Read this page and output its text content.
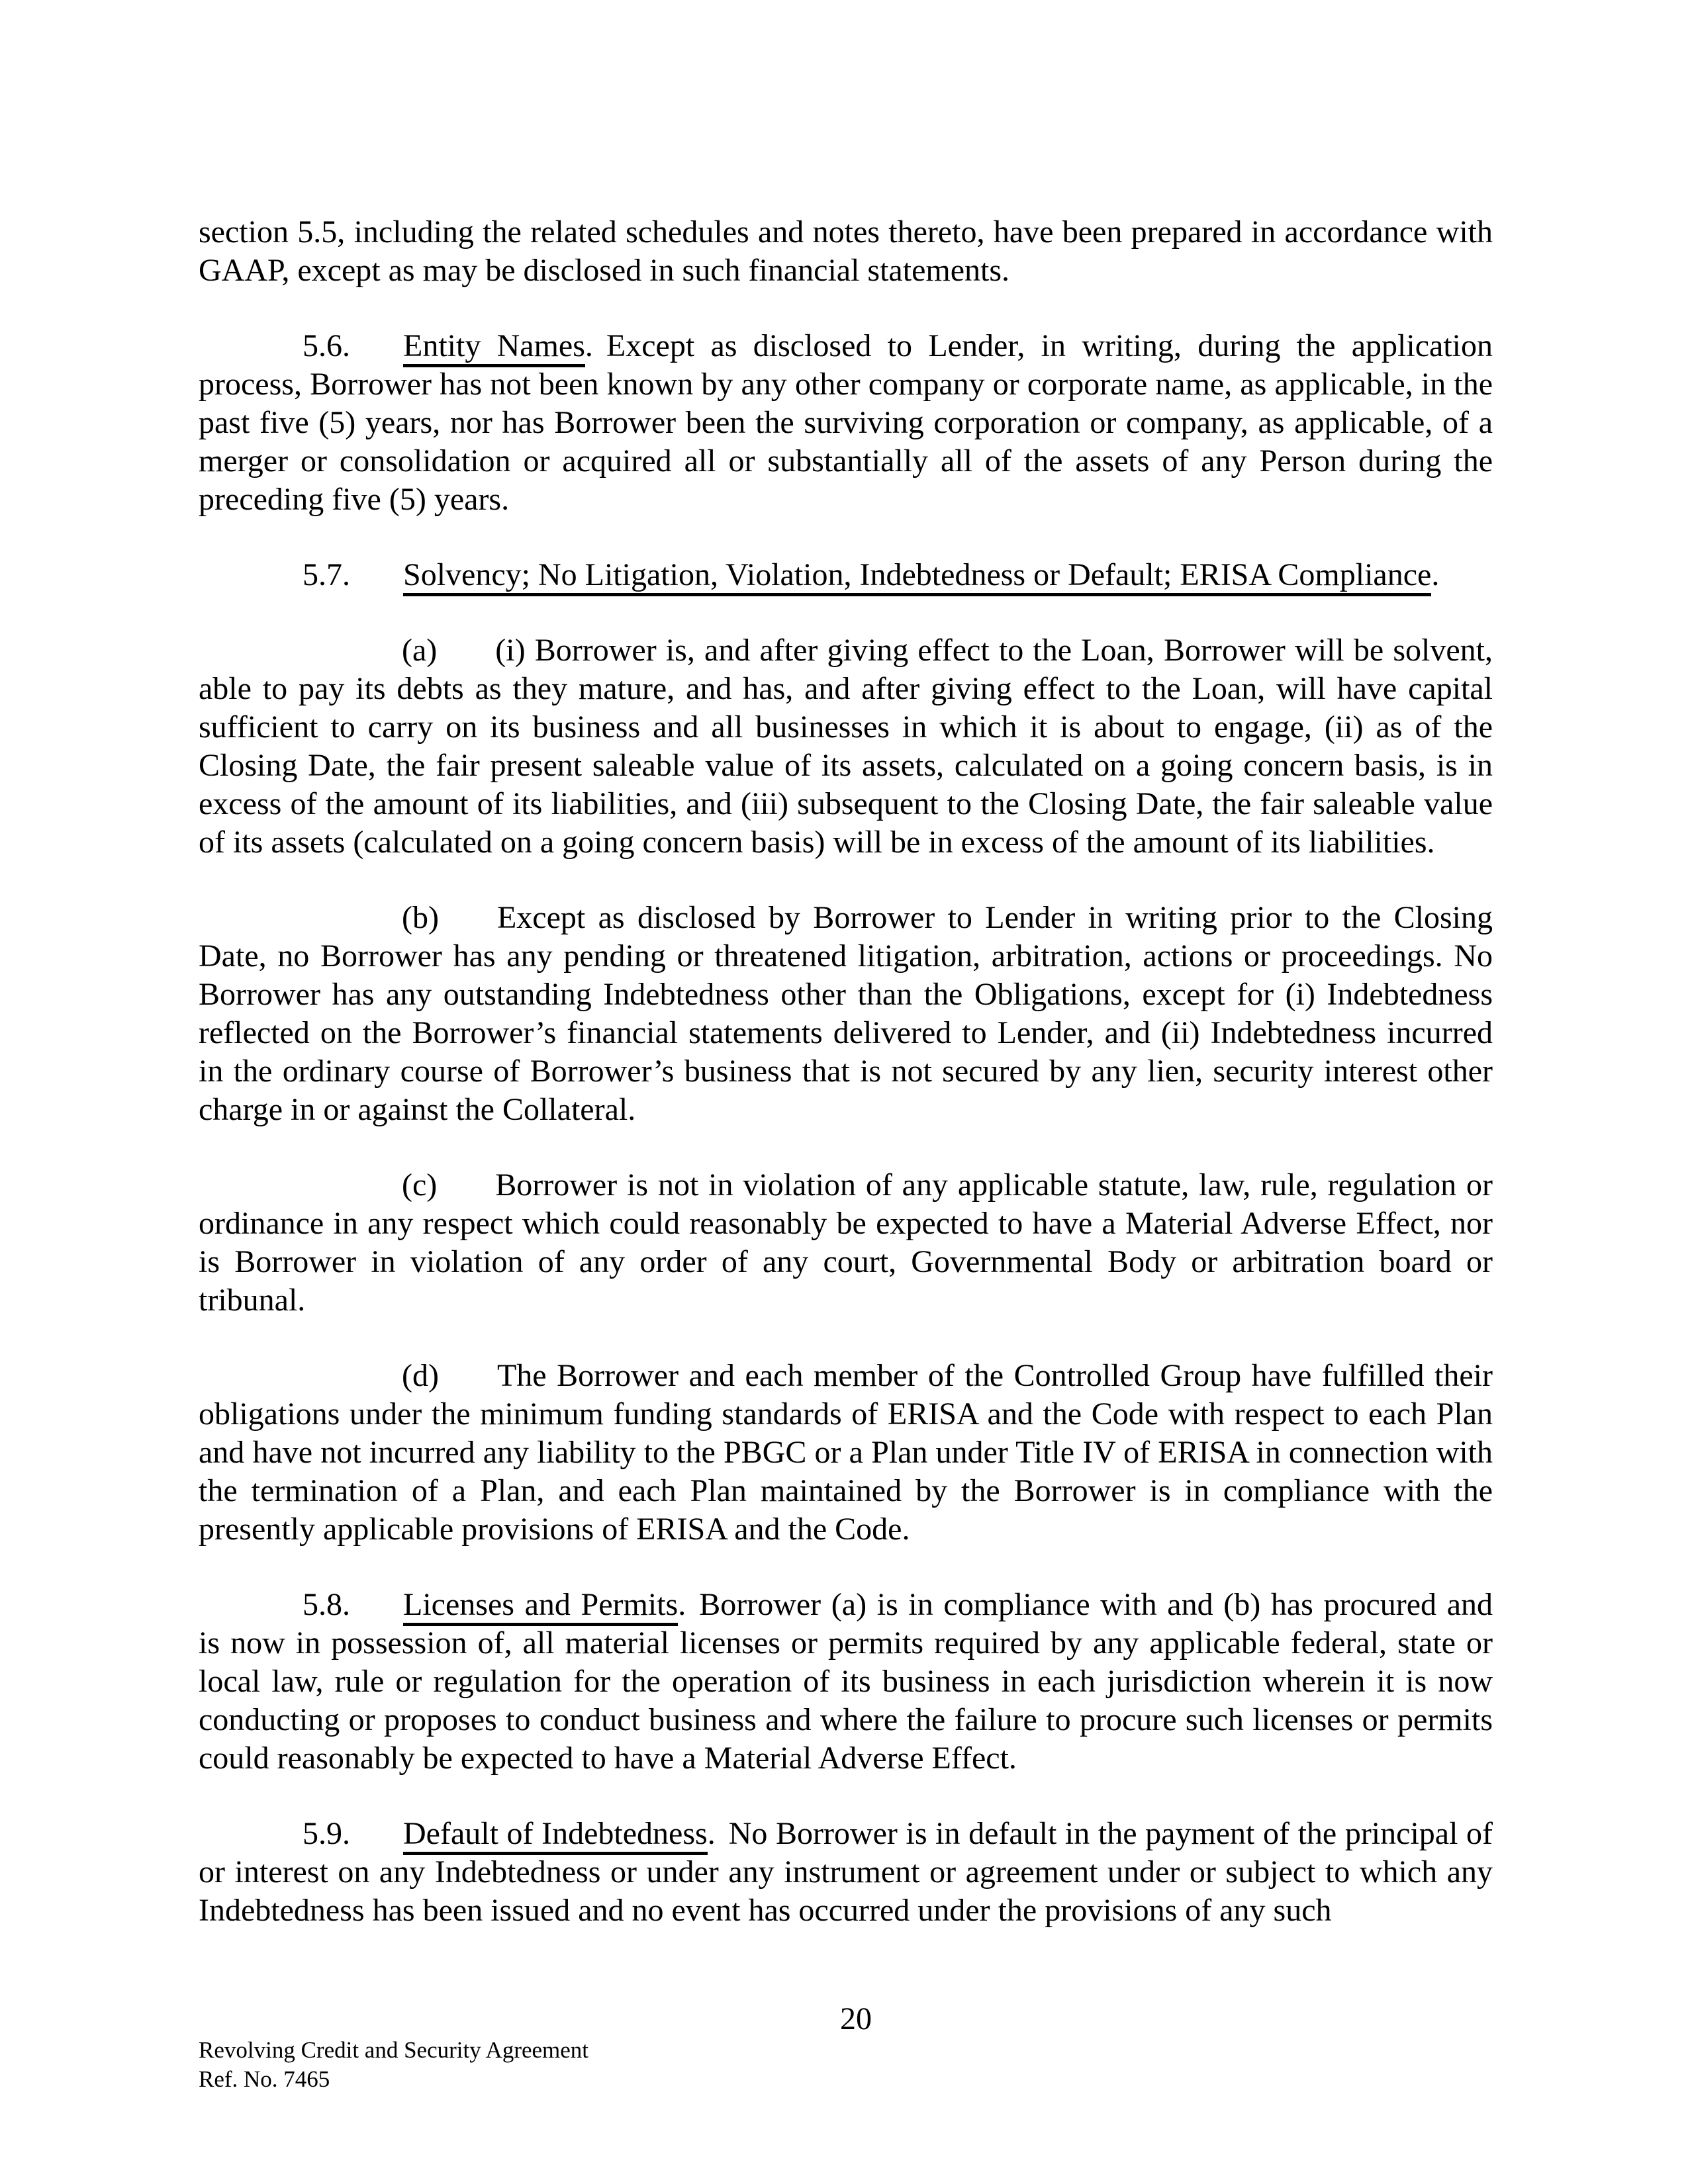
section 5.5, including the related schedules and notes thereto, have been prepared in accordance with GAAP, except as may be disclosed in such financial statements.

5.6. Entity Names. Except as disclosed to Lender, in writing, during the application process, Borrower has not been known by any other company or corporate name, as applicable, in the past five (5) years, nor has Borrower been the surviving corporation or company, as applicable, of a merger or consolidation or acquired all or substantially all of the assets of any Person during the preceding five (5) years.

5.7. Solvency; No Litigation, Violation, Indebtedness or Default; ERISA Compliance.

(a) (i) Borrower is, and after giving effect to the Loan, Borrower will be solvent, able to pay its debts as they mature, and has, and after giving effect to the Loan, will have capital sufficient to carry on its business and all businesses in which it is about to engage, (ii) as of the Closing Date, the fair present saleable value of its assets, calculated on a going concern basis, is in excess of the amount of its liabilities, and (iii) subsequent to the Closing Date, the fair saleable value of its assets (calculated on a going concern basis) will be in excess of the amount of its liabilities.

(b) Except as disclosed by Borrower to Lender in writing prior to the Closing Date, no Borrower has any pending or threatened litigation, arbitration, actions or proceedings. No Borrower has any outstanding Indebtedness other than the Obligations, except for (i) Indebtedness reflected on the Borrower’s financial statements delivered to Lender, and (ii) Indebtedness incurred in the ordinary course of Borrower’s business that is not secured by any lien, security interest other charge in or against the Collateral.

(c) Borrower is not in violation of any applicable statute, law, rule, regulation or ordinance in any respect which could reasonably be expected to have a Material Adverse Effect, nor is Borrower in violation of any order of any court, Governmental Body or arbitration board or tribunal.

(d) The Borrower and each member of the Controlled Group have fulfilled their obligations under the minimum funding standards of ERISA and the Code with respect to each Plan and have not incurred any liability to the PBGC or a Plan under Title IV of ERISA in connection with the termination of a Plan, and each Plan maintained by the Borrower is in compliance with the presently applicable provisions of ERISA and the Code.

5.8. Licenses and Permits. Borrower (a) is in compliance with and (b) has procured and is now in possession of, all material licenses or permits required by any applicable federal, state or local law, rule or regulation for the operation of its business in each jurisdiction wherein it is now conducting or proposes to conduct business and where the failure to procure such licenses or permits could reasonably be expected to have a Material Adverse Effect.

5.9. Default of Indebtedness. No Borrower is in default in the payment of the principal of or interest on any Indebtedness or under any instrument or agreement under or subject to which any Indebtedness has been issued and no event has occurred under the provisions of any such

20
Revolving Credit and Security Agreement
Ref. No. 7465
